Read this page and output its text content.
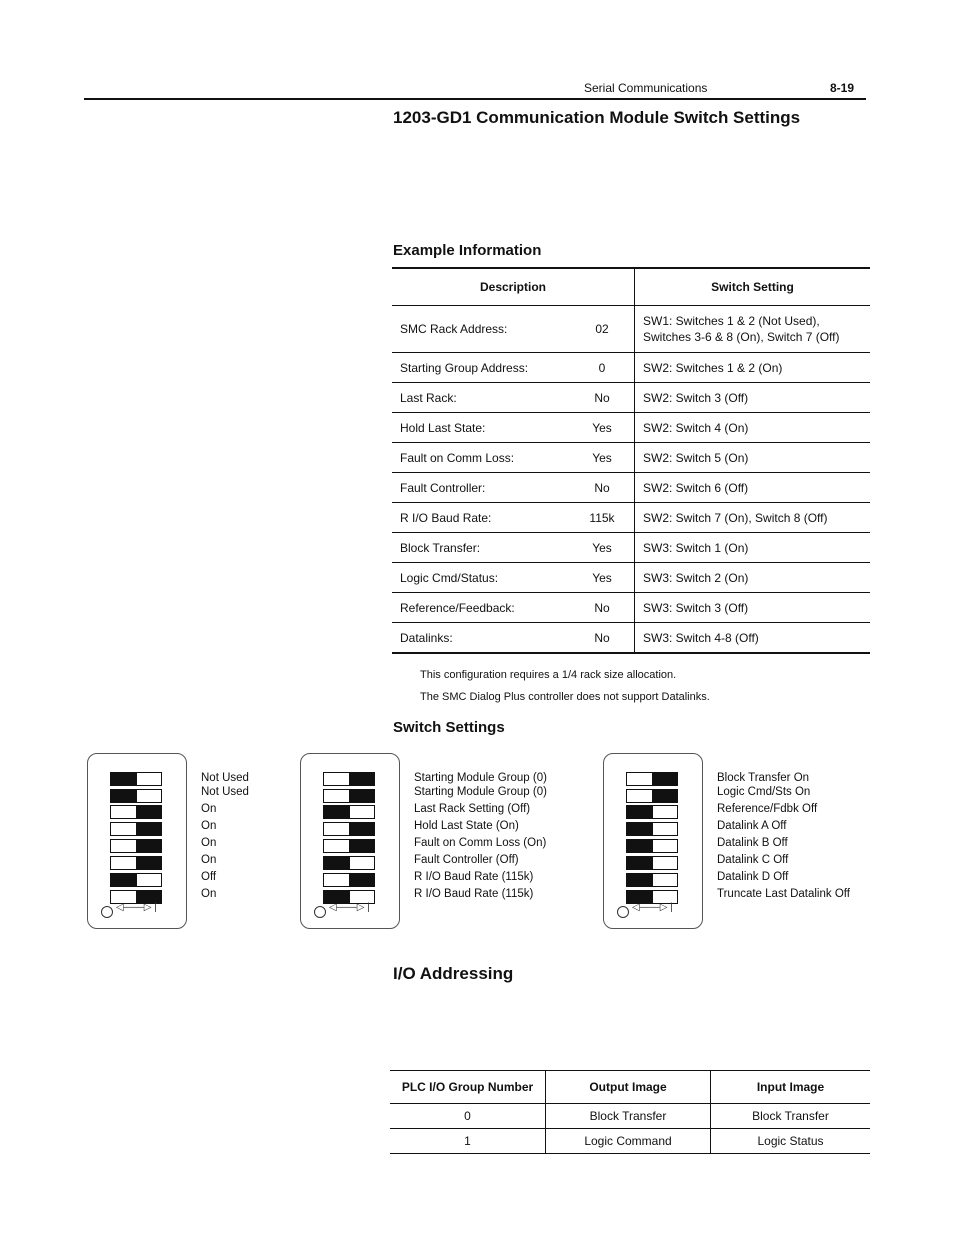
Serial Communications	8-19
1203-GD1 Communication Module Switch Settings
Example Information
Description		Switch Setting
SMC Rack Address:	02	SW1: Switches 1 & 2 (Not Used),
Switches 3-6 & 8 (On), Switch 7 (Off)
Starting Group Address:	0	SW2: Switches 1 & 2 (On)
Last Rack:	No	SW2: Switch 3 (Off)
Hold Last State:	Yes	SW2: Switch 4 (On)
Fault on Comm Loss:	Yes	SW2: Switch 5 (On)
Fault Controller:	No	SW2: Switch 6 (Off)
R I/O Baud Rate:	115k	SW2: Switch 7 (On), Switch 8 (Off)
Block Transfer:	Yes	SW3: Switch 1 (On)
Logic Cmd/Status:	Yes	SW3: Switch 2 (On)
Reference/Feedback:	No	SW3: Switch 3 (Off)
Datalinks:	No	SW3: Switch 4-8 (Off)
This configuration requires a 1/4 rack size allocation.
The SMC Dialog Plus controller does not support Datalinks.
Switch Settings
◁——▷ |
Not Used
Not Used
On
On
On
On
Off
On
◁——▷ |
Starting Module Group (0)
Starting Module Group (0)
Last Rack Setting (Off)
Hold Last State (On)
Fault on Comm Loss (On)
Fault Controller (Off)
R I/O Baud Rate (115k)
R I/O Baud Rate (115k)
◁——▷ |
Block Transfer On
Logic Cmd/Sts On
Reference/Fdbk Off
Datalink A Off
Datalink B Off
Datalink C Off
Datalink D Off
Truncate Last Datalink Off
I/O Addressing
PLC I/O Group Number	Output Image	Input Image
0	Block Transfer	Block Transfer
1	Logic Command	Logic Status
